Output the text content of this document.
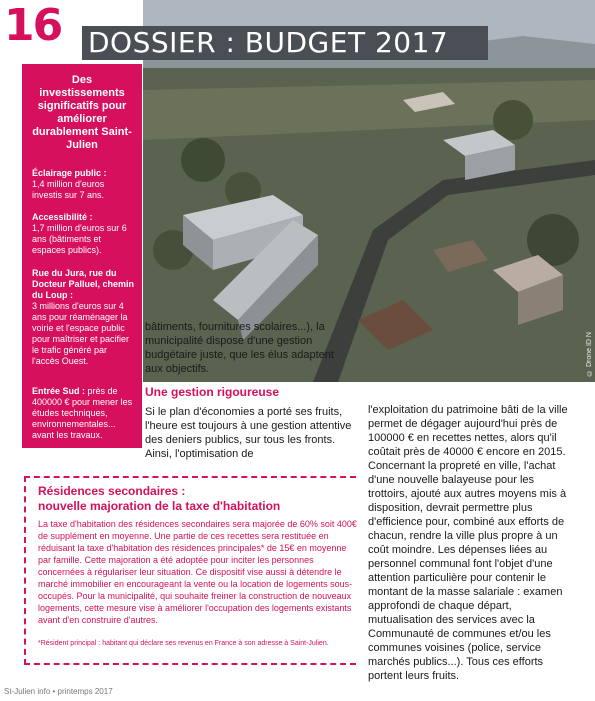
16
© Drone ID N
DOSSIER : BUDGET 2017
Des investissements significatifs pour améliorer durablement Saint-Julien
Éclairage public :
1,4 million d'euros investis sur 7 ans.
Accessibilité :
1,7 million d'euros sur 6 ans (bâtiments et espaces publics).
Rue du Jura, rue du Docteur Palluel, chemin du Loup :
3 millions d'euros sur 4 ans pour réaménager la voirie et l'espace public pour maîtriser et pacifier le trafic généré par l'accès Ouest.
Entrée Sud : près de 400000 € pour mener les études techniques, environnementales... avant les travaux.
bâtiments, fournitures scolaires...), la municipalité dispose d'une gestion budgétaire juste, que les élus adaptent aux objectifs.
Une gestion rigoureuse
Si le plan d'économies a porté ses fruits, l'heure est toujours à une gestion attentive des deniers publics, sur tous les fronts. Ainsi, l'optimisation de
l'exploitation du patrimoine bâti de la ville permet de dégager aujourd'hui près de 100000 € en recettes nettes, alors qu'il coûtait près de 40000 € encore en 2015. Concernant la propreté en ville, l'achat d'une nouvelle balayeuse pour les trottoirs, ajouté aux autres moyens mis à disposition, devrait permettre plus d'efficience pour, combiné aux efforts de chacun, rendre la ville plus propre à un coût moindre. Les dépenses liées au personnel communal font l'objet d'une attention particulière pour contenir le montant de la masse salariale : examen approfondi de chaque départ, mutualisation des services avec la Communauté de communes et/ou les communes voisines (police, service marchés publics...). Tous ces efforts portent leurs fruits.
Résidences secondaires :
nouvelle majoration de la taxe d'habitation
La taxe d'habitation des résidences secondaires sera majorée de 60% soit 400€ de supplément en moyenne. Une partie de ces recettes sera restituée en réduisant la taxe d'habitation des résidences principales* de 15€ en moyenne par famille. Cette majoration a été adoptée pour inciter les personnes concernées à régulariser leur situation. Ce dispositif vise aussi à détendre le marché immobilier en encourageant la vente ou la location de logements sous-occupés. Pour la municipalité, qui souhaite freiner la construction de nouveaux logements, cette mesure vise à améliorer l'occupation des logements existants avant d'en construire d'autres.
*Résident principal : habitant qui déclare ses revenus en France à son adresse à Saint-Julien.
St-Julien info • printemps 2017
